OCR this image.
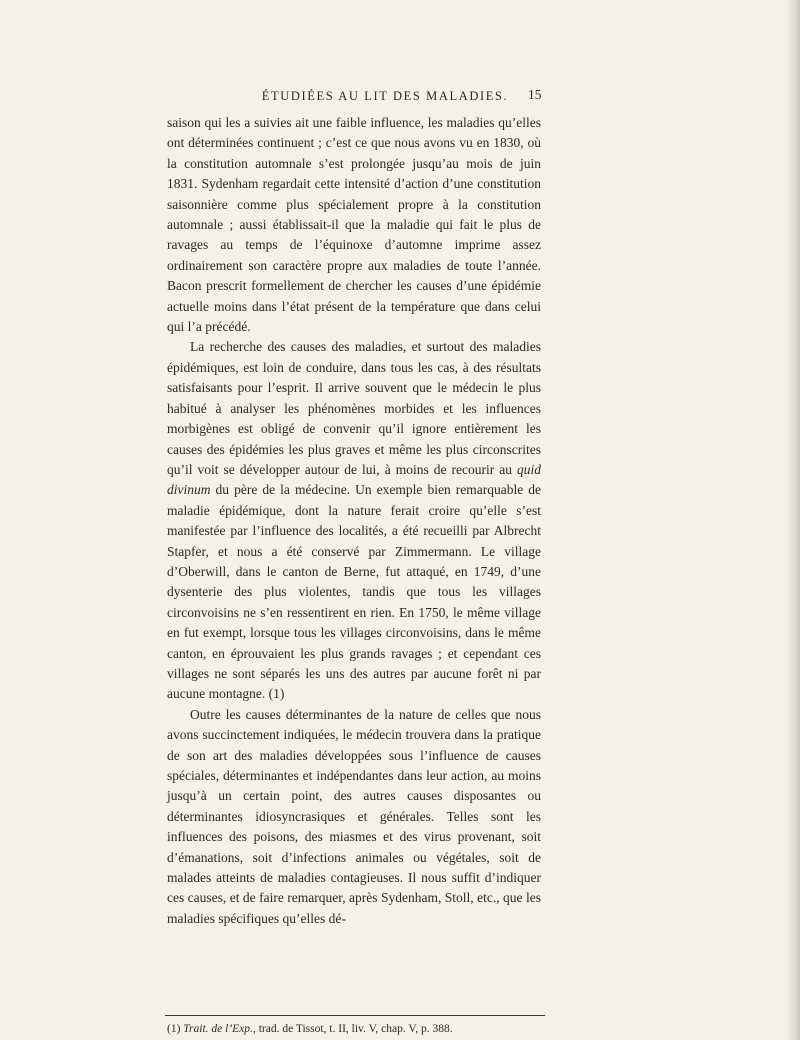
ÉTUDIÉES AU LIT DES MALADIES.	15

saison qui les a suivies ait une faible influence, les maladies qu’elles ont déterminées continuent ; c’est ce que nous avons vu en 1830, où la constitution automnale s’est prolongée jusqu’au mois de juin 1831. Sydenham regardait cette intensité d’action d’une constitution saisonnière comme plus spécialement propre à la constitution automnale ; aussi établissait-il que la maladie qui fait le plus de ravages au temps de l’équinoxe d’automne imprime assez ordinairement son caractère propre aux maladies de toute l’année. Bacon prescrit formellement de chercher les causes d’une épidémie actuelle moins dans l’état présent de la température que dans celui qui l’a précédé.

La recherche des causes des maladies, et surtout des maladies épidémiques, est loin de conduire, dans tous les cas, à des résultats satisfaisants pour l’esprit. Il arrive souvent que le médecin le plus habitué à analyser les phénomènes morbides et les influences morbigènes est obligé de convenir qu’il ignore entièrement les causes des épidémies les plus graves et même les plus circonscrites qu’il voit se développer autour de lui, à moins de recourir au quid divinum du père de la médecine. Un exemple bien remarquable de maladie épidémique, dont la nature ferait croire qu’elle s’est manifestée par l’influence des localités, a été recueilli par Albrecht Stapfer, et nous a été conservé par Zimmermann. Le village d’Oberwill, dans le canton de Berne, fut attaqué, en 1749, d’une dysenterie des plus violentes, tandis que tous les villages circonvoisins ne s’en ressentirent en rien. En 1750, le même village en fut exempt, lorsque tous les villages circonvoisins, dans le même canton, en éprouvaient les plus grands ravages ; et cependant ces villages ne sont séparés les uns des autres par aucune forêt ni par aucune montagne. (1)

Outre les causes déterminantes de la nature de celles que nous avons succinctement indiquées, le médecin trouvera dans la pratique de son art des maladies développées sous l’influence de causes spéciales, déterminantes et indépendantes dans leur action, au moins jusqu’à un certain point, des autres causes disposantes ou déterminantes idiosyncrasiques et générales. Telles sont les influences des poisons, des miasmes et des virus provenant, soit d’émanations, soit d’infections animales ou végétales, soit de malades atteints de maladies contagieuses. Il nous suffit d’indiquer ces causes, et de faire remarquer, après Sydenham, Stoll, etc., que les maladies spécifiques qu’elles dé-

(1) Trait. de l’Exp., trad. de Tissot, t. II, liv. V, chap. V, p. 388.
